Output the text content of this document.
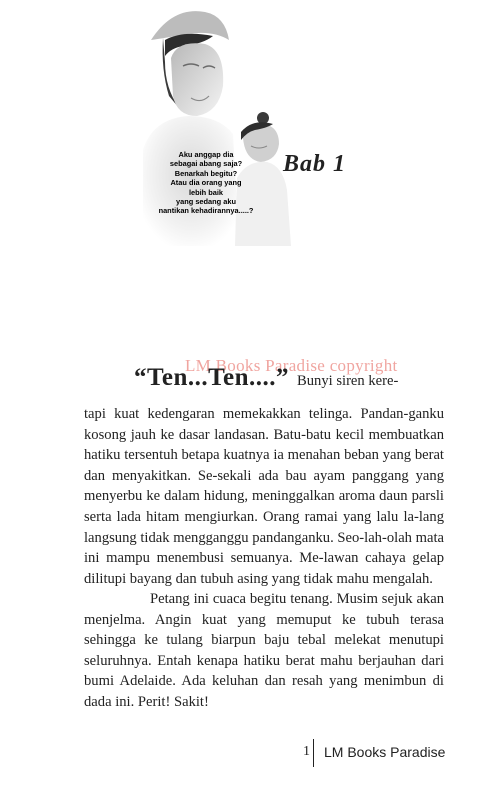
Aku anggap dia
sebagai abang saja?
Benarkah begitu?
Atau dia orang yang
lebih baik
yang sedang aku
nantikan kehadirannya.....?
Bab 1
LM Books Paradise copyright
“Ten...Ten....” Bunyi siren kere-

tapi kuat kedengaran memekakkan telinga. Pandan-ganku kosong jauh ke dasar landasan. Batu-batu kecil membuatkan hatiku tersentuh betapa kuatnya ia menahan beban yang berat dan menyakitkan. Se-sekali ada bau ayam panggang yang menyerbu ke dalam hidung, meninggalkan aroma daun parsli serta lada hitam mengiurkan. Orang ramai yang lalu la-lang langsung tidak mengganggu pandanganku. Seo-lah-olah mata ini mampu menembusi semuanya. Me-lawan cahaya gelap dilitupi bayang dan tubuh asing yang tidak mahu mengalah.

Petang ini cuaca begitu tenang. Musim sejuk akan menjelma. Angin kuat yang memuput ke tubuh terasa sehingga ke tulang biarpun baju tebal melekat menutupi seluruhnya. Entah kenapa hatiku berat mahu berjauhan dari bumi Adelaide. Ada keluhan dan resah yang menimbun di dada ini. Perit! Sakit!

1 LM Books Paradise
